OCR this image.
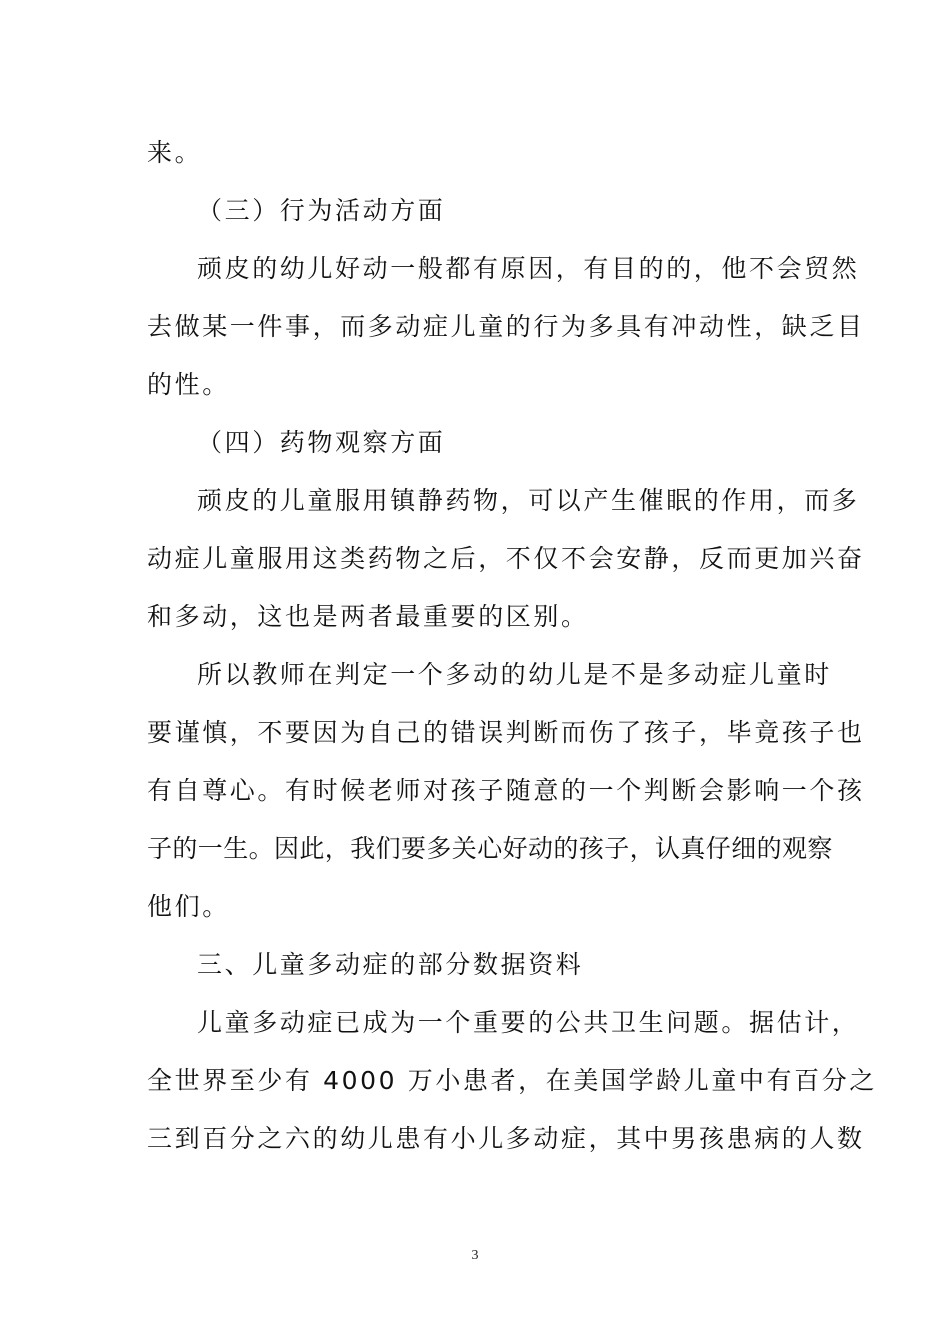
来。
（三）行为活动方面
顽皮的幼儿好动一般都有原因，有目的的，他不会贸然
去做某一件事，而多动症儿童的行为多具有冲动性，缺乏目
的性。
（四）药物观察方面
顽皮的儿童服用镇静药物，可以产生催眠的作用，而多
动症儿童服用这类药物之后，不仅不会安静，反而更加兴奋
和多动，这也是两者最重要的区别。
所以教师在判定一个多动的幼儿是不是多动症儿童时
要谨慎，不要因为自己的错误判断而伤了孩子，毕竟孩子也
有自尊心。有时候老师对孩子随意的一个判断会影响一个孩
子的一生。因此，我们要多关心好动的孩子，认真仔细的观察
他们。
三、儿童多动症的部分数据资料
儿童多动症已成为一个重要的公共卫生问题。据估计，
全世界至少有 4000 万小患者，在美国学龄儿童中有百分之
三到百分之六的幼儿患有小儿多动症，其中男孩患病的人数
3
